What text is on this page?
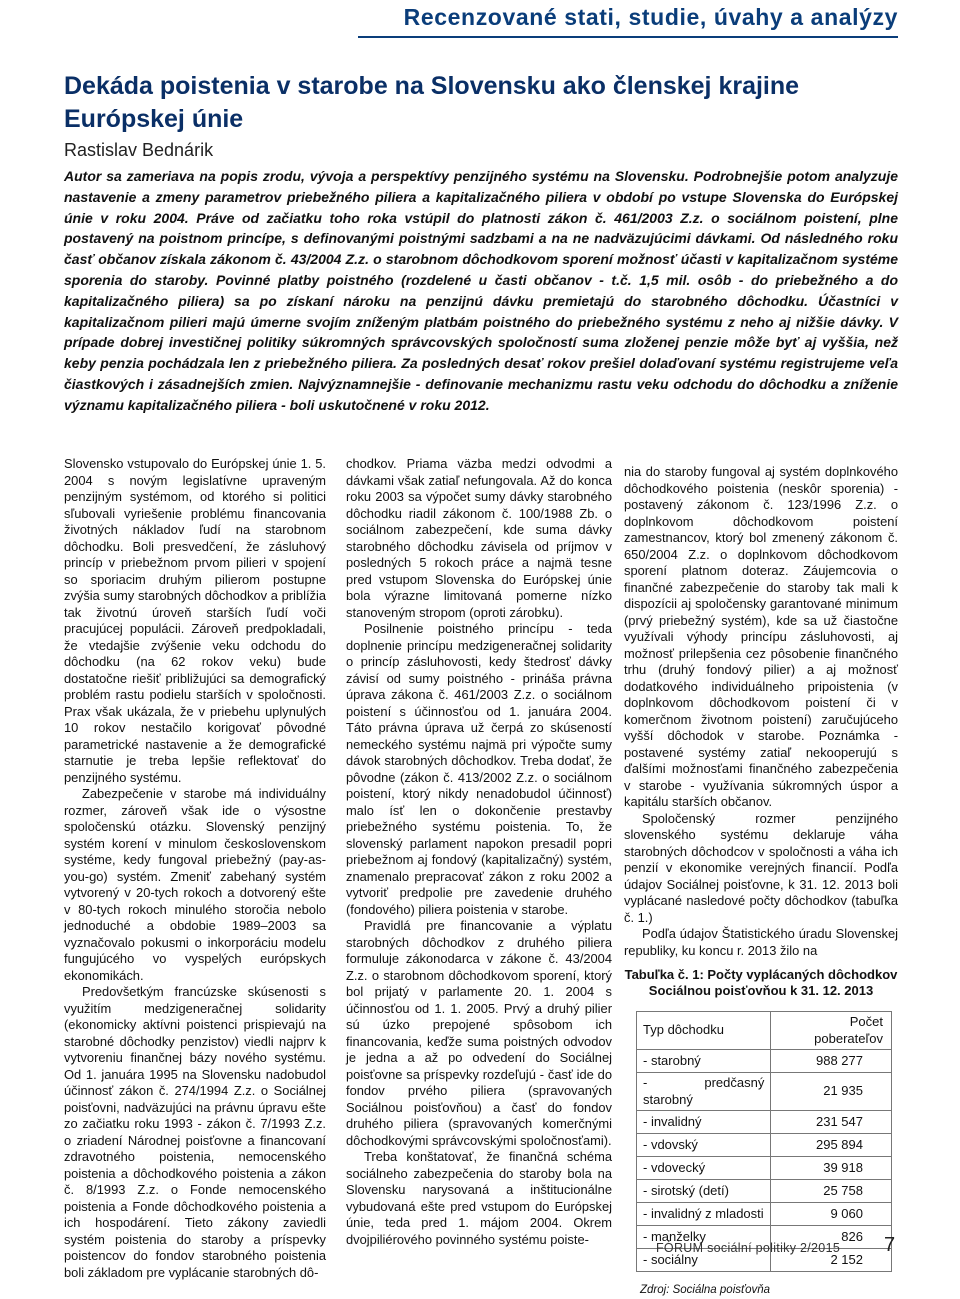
Recenzované stati, studie, úvahy a analýzy
Dekáda poistenia v starobe na Slovensku ako členskej krajine Európskej únie
Rastislav Bednárik
Autor sa zameriava na popis zrodu, vývoja a perspektívy penzijného systému na Slovensku. Podrobnejšie potom analyzuje nastavenie a zmeny parametrov priebežného piliera a kapitalizačného piliera v období po vstupe Slovenska do Európskej únie v roku 2004. Práve od začiatku toho roka vstúpil do platnosti zákon č. 461/2003 Z.z. o sociálnom poistení, plne postavený na poistnom princípe, s definovanými poistnými sadzbami a na ne nadväzujúcimi dávkami. Od následného roku časť občanov získala zákonom č. 43/2004 Z.z. o starobnom dôchodkovom sporení možnosť účasti v kapitalizačnom systéme sporenia do staroby. Povinné platby poistného (rozdelené u časti občanov - t.č. 1,5 mil. osôb - do priebežného a do kapitalizačného piliera) sa po získaní nároku na penzijnú dávku premietajú do starobného dôchodku. Účastníci v kapitalizačnom pilieri majú úmerne svojím zníženým platbám poistného do priebežného systému z neho aj nižšie dávky. V prípade dobrej investičnej politiky súkromných správcovských spoločností suma zloženej penzie môže byť aj vyššia, než keby penzia pochádzala len z priebežného piliera. Za posledných desať rokov prešiel dolaďovaní systému registrujeme veľa čiastkových i zásadnejších zmien. Najvýznamnejšie - definovanie mechanizmu rastu veku odchodu do dôchodku a zníženie významu kapitalizačného piliera - boli uskutočnené v roku 2012.

Slovensko vstupovalo do Európskej únie 1. 5. 2004 s novým legislatívne upraveným penzijným systémom, od ktorého si politici sľubovali vyriešenie problému financovania životných nákladov ľudí na starobnom dôchodku. Boli presvedčení, že zásluhový princíp v priebežnom prvom pilieri v spojení so sporiacim druhým pilierom postupne zvýšia sumy starobných dôchodkov a priblížia tak životnú úroveň starších ľudí voči pracujúcej populácii. Zároveň predpokladali, že vtedajšie zvýšenie veku odchodu do dôchodku (na 62 rokov veku) bude dostatočne riešiť približujúci sa demografický problém rastu podielu starších v spoločnosti. Prax však ukázala, že v priebehu uplynulých 10 rokov nestačilo korigovať pôvodné parametrické nastavenie a že demografické starnutie je treba lepšie reflektovať do penzijného systému.

Zabezpečenie v starobe má individuálny rozmer, zároveň však ide o výsostne spoločenskú otázku. Slovenský penzijný systém korení v minulom československom systéme, kedy fungoval priebežný (pay-as-you-go) systém. Zmeniť zabehaný systém vytvorený v 20-tych rokoch a dotvorený ešte v 80-tych rokoch minulého storočia nebolo jednoduché a obdobie 1989–2003 sa vyznačovalo pokusmi o inkorporáciu modelu fungujúcého vo vyspelých európskych ekonomikách.

Predovšetkým francúzske skúsenosti s využitím medzigeneračnej solidarity (ekonomicky aktívni poistenci prispievajú na starobné dôchodky penzistov) viedli najprv k vytvoreniu finančnej bázy nového systému. Od 1. januára 1995 na Slovensku nadobudol účinnosť zákon č. 274/1994 Z.z. o Sociálnej poisťovni, nadväzujúci na právnu úpravu ešte zo začiatku roku 1993 - zákon č. 7/1993 Z.z. o zriadení Národnej poisťovne a financovaní zdravotného poistenia, nemocenského poistenia a dôchodkového poistenia a zákon č. 8/1993 Z.z. o Fonde nemocenského poistenia a Fonde dôchodkového poistenia a ich hospodárení. Tieto zákony zaviedli systém poistenia do staroby a príspevky poistencov do fondov starobného poistenia boli základom pre vyplácanie starobných dô-

chodkov. Priama väzba medzi odvodmi a dávkami však zatiaľ nefungovala. Až do konca roku 2003 sa výpočet sumy dávky starobného dôchodku riadil zákonom č. 100/1988 Zb. o sociálnom zabezpečení, kde suma dávky starobného dôchodku závisela od príjmov v posledných 5 rokoch práce a najmä tesne pred vstupom Slovenska do Európskej únie bola výrazne limitovaná pomerne nízko stanoveným stropom (oproti zárobku).

Posilnenie poistného princípu - teda doplnenie princípu medzigeneračnej solidarity o princíp zásluhovosti, kedy štedrosť dávky závisí od sumy poistného - prináša právna úprava zákona č. 461/2003 Z.z. o sociálnom poistení s účinnosťou od 1. januára 2004. Táto právna úprava už čerpá zo skúseností nemeckého systému najmä pri výpočte sumy dávok starobných dôchodkov. Treba dodať, že pôvodne (zákon č. 413/2002 Z.z. o sociálnom poistení, ktorý nikdy nenadobudol účinnosť) malo ísť len o dokončenie prestavby priebežného systému poistenia. To, že slovenský parlament napokon presadil popri priebežnom aj fondový (kapitalizačný) systém, znamenalo prepracovať zákon z roku 2002 a vytvoriť predpolie pre zavedenie druhého (fondového) piliera poistenia v starobe.

Pravidlá pre financovanie a výplatu starobných dôchodkov z druhého piliera formuluje zákonodarca v zákone č. 43/2004 Z.z. o starobnom dôchodkovom sporení, ktorý bol prijatý v parlamente 20. 1. 2004 s účinnosťou od 1. 1. 2005. Prvý a druhý pilier sú úzko prepojené spôsobom ich financovania, keďže suma poistných odvodov je jedna a až po odvedení do Sociálnej poisťovne sa príspevky rozdeľujú - časť ide do fondov prvého piliera (spravovaných Sociálnou poisťovňou) a časť do fondov druhého piliera (spravovaných komerčnými dôchodkovými správcovskými spoločnosťami).

Treba konštatovať, že finančná schéma sociálneho zabezpečenia do staroby bola na Slovensku narysovaná a inštitucionálne vybudovaná ešte pred vstupom do Európskej únie, teda pred 1. májom 2004. Okrem dvojpiliérového povinného systému poiste-

nia do staroby fungoval aj systém doplnkového dôchodkového poistenia (neskôr sporenia) - postavený zákonom č. 123/1996 Z.z. o doplnkovom dôchodkovom poistení zamestnancov, ktorý bol zmenený zákonom č. 650/2004 Z.z. o doplnkovom dôchodkovom sporení platnom doteraz. Záujemcovia o finančné zabezpečenie do staroby tak mali k dispozícii aj spoločensky garantované minimum (prvý priebežný systém), kde sa už čiastočne využívali výhody princípu zásluhovosti, aj možnosť prilepšenia cez pôsobenie finančného trhu (druhý fondový pilier) a aj možnosť dodatkového individuálneho pripoistenia (v doplnkovom dôchodkovom poistení či v komerčnom životnom poistení) zaručujúceho vyšší dôchodok v starobe. Poznámka - postavené systémy zatiaľ nekooperujú s ďalšími možnosťami finančného zabezpečenia v starobe - využívania súkromných úspor a kapitálu starších občanov.

Spoločenský rozmer penzijného slovenského systému deklaruje váha starobných dôchodcov v spoločnosti a váha ich penzií v ekonomike verejných financií. Podľa údajov Sociálnej poisťovne, k 31. 12. 2013 boli vyplácané nasledové počty dôchodkov (tabuľka č. 1.)

Podľa údajov Štatistického úradu Slovenskej republiky, ku koncu r. 2013 žilo na

Tabuľka č. 1: Počty vyplácaných dôchodkov Sociálnou poisťovňou k 31. 12. 2013
Typ dôchodku	Počet poberateľov
- starobný	988 277
- predčasný starobný	21 935
- invalidný	231 547
- vdovský	295 894
- vdovecký	39 918
- sirotský (detí)	25 758
- invalidný z mladosti	9 060
- manželky	826
- sociálny	2 152
Zdroj: Sociálna poisťovňa
FÓRUM sociální politiky 2/2015 7
